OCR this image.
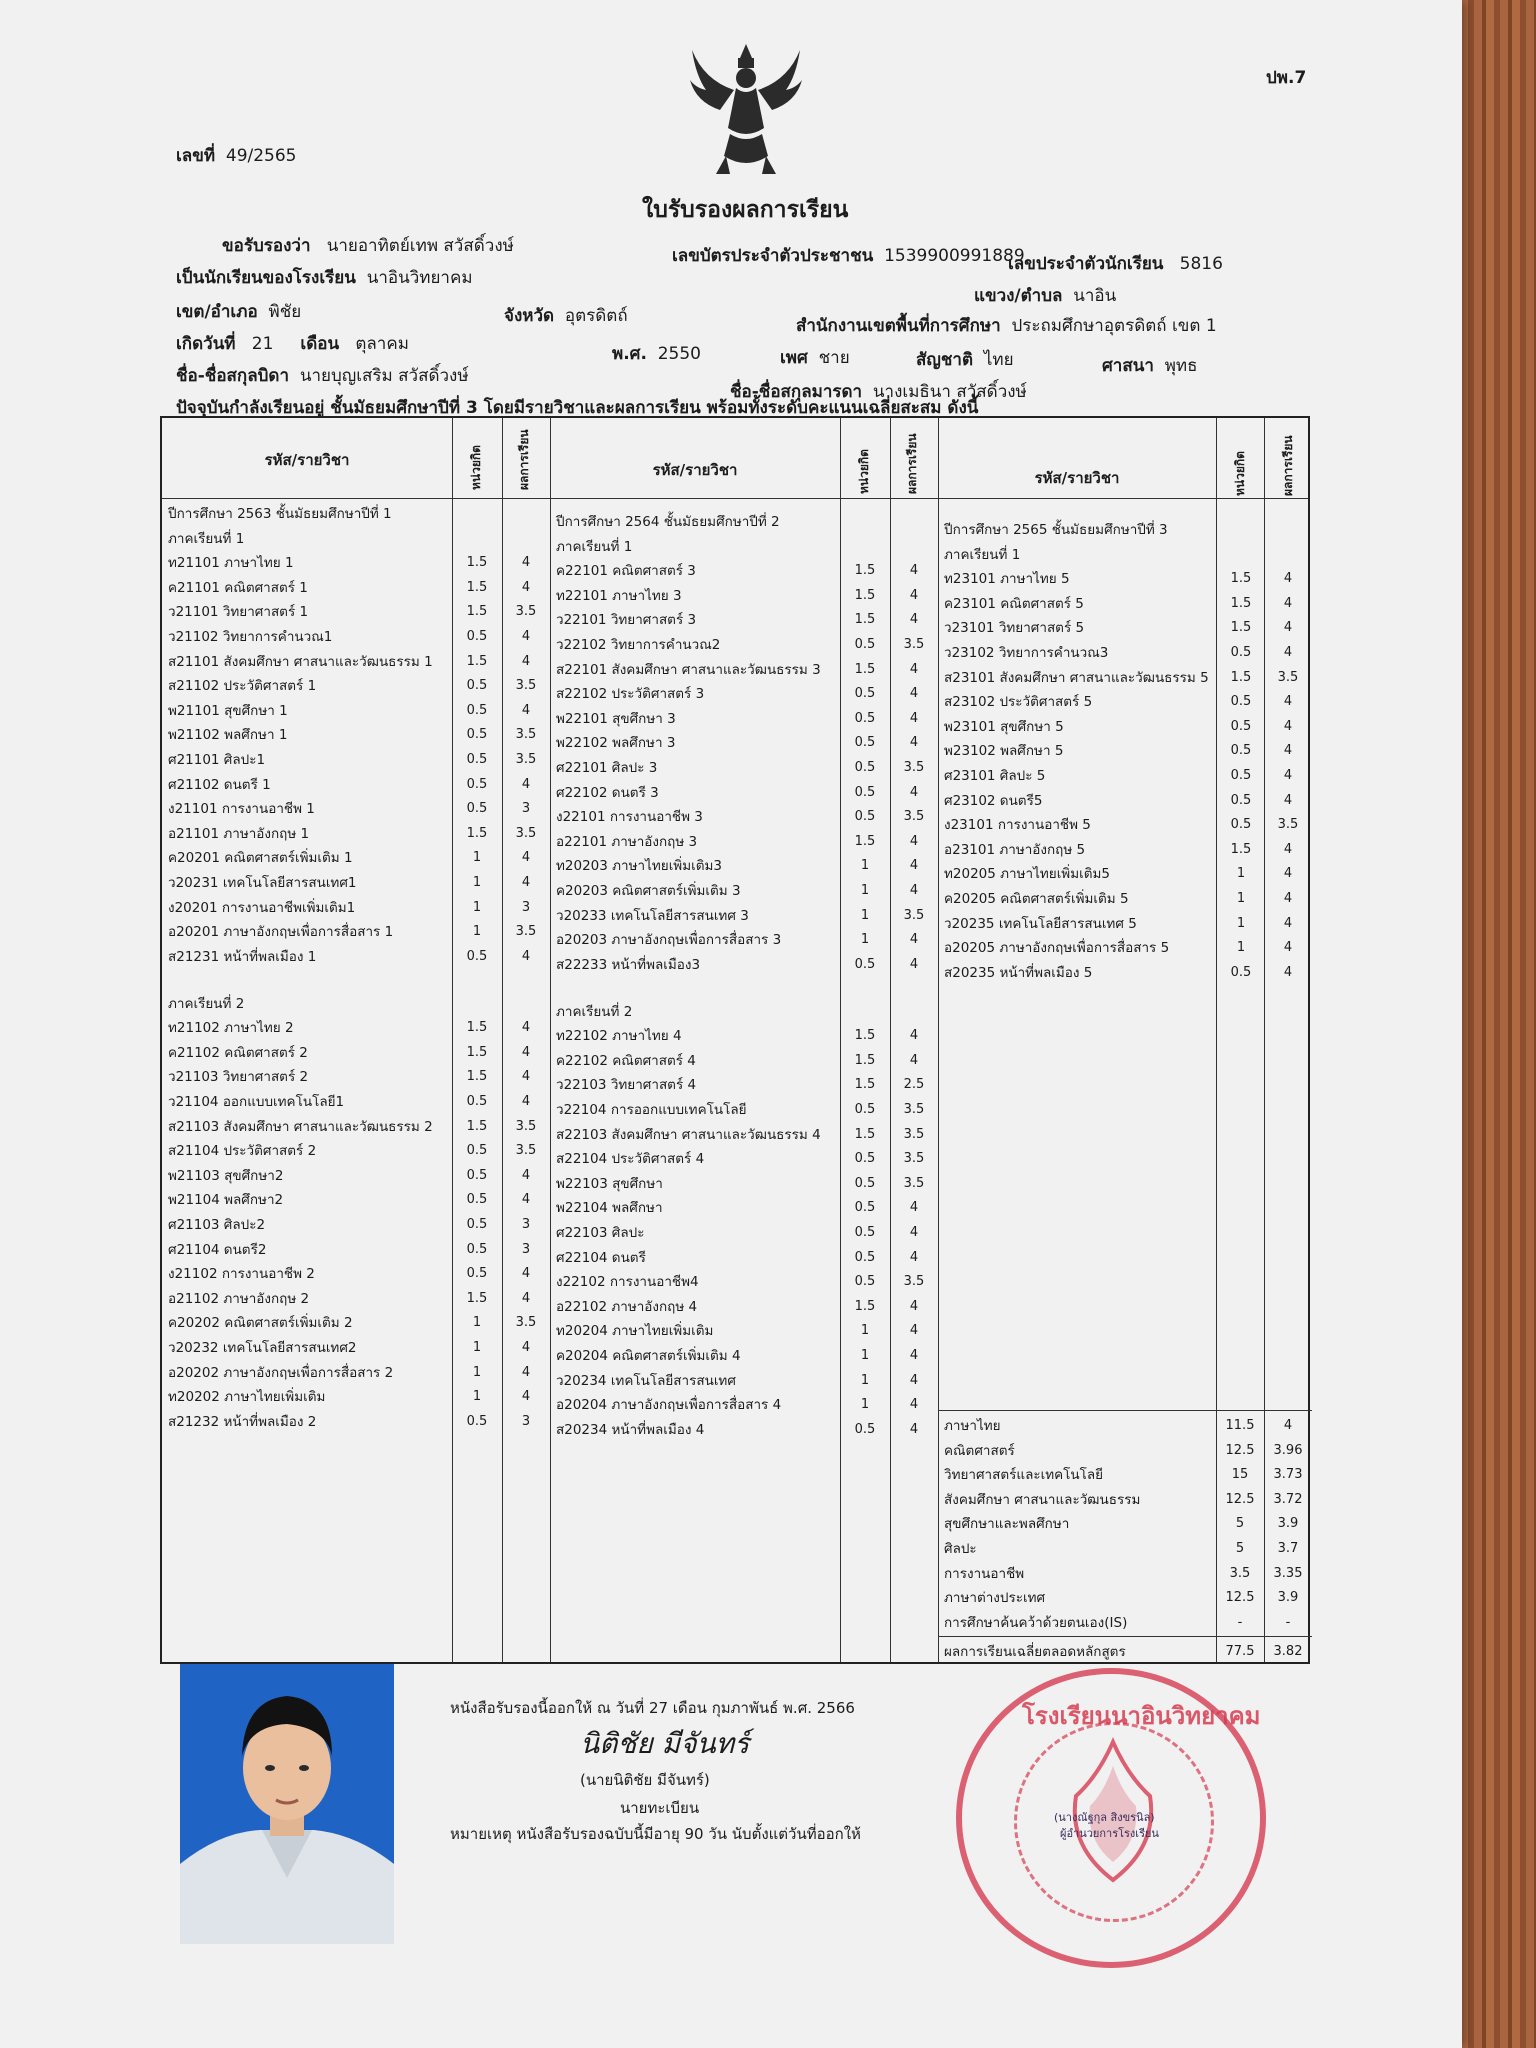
ปพ.7
เลขที่ 49/2565
ใบรับรองผลการเรียน
ขอรับรองว่า นายอาทิตย์เทพ สวัสดิ์วงษ์	เลขบัตรประจำตัวประชาชน 1539900991889
เลขประจำตัวนักเรียน 5816
เป็นนักเรียนของโรงเรียน นาอินวิทยาคม
แขวง/ตำบล นาอิน
เขต/อำเภอ พิชัย	จังหวัด อุตรดิตถ์	สำนักงานเขตพื้นที่การศึกษา ประถมศึกษาอุตรดิตถ์ เขต 1
เกิดวันที่ 21 เดือน ตุลาคม	พ.ศ. 2550	เพศ ชาย	สัญชาติ ไทย	ศาสนา พุทธ
ชื่อ-ชื่อสกุลบิดา นายบุญเสริม สวัสดิ์วงษ์
ชื่อ-ชื่อสกุลมารดา นางเมธินา สวัสดิ์วงษ์
ปัจจุบันกำลังเรียนอยู่ ชั้นมัธยมศึกษาปีที่ 3 โดยมีรายวิชาและผลการเรียน พร้อมทั้งระดับคะแนนเฉลี่ยสะสม ดังนี้
รหัส/รายวิชา	หน่วยกิต	ผลการเรียน	รหัส/รายวิชา	หน่วยกิต	ผลการเรียน	รหัส/รายวิชา	หน่วยกิต	ผลการเรียน
ปีการศึกษา 2563 ชั้นมัธยมศึกษาปีที่ 1
ภาคเรียนที่ 1
ท21101 ภาษาไทย 1	1.5	4
ค21101 คณิตศาสตร์ 1	1.5	4
ว21101 วิทยาศาสตร์ 1	1.5	3.5
ว21102 วิทยาการคำนวณ1	0.5	4
ส21101 สังคมศึกษา ศาสนาและวัฒนธรรม 1	1.5	4
ส21102 ประวัติศาสตร์ 1	0.5	3.5
พ21101 สุขศึกษา 1	0.5	4
พ21102 พลศึกษา 1	0.5	3.5
ศ21101 ศิลปะ1	0.5	3.5
ศ21102 ดนตรี 1	0.5	4
ง21101 การงานอาชีพ 1	0.5	3
อ21101 ภาษาอังกฤษ 1	1.5	3.5
ค20201 คณิตศาสตร์เพิ่มเติม 1	1	4
ว20231 เทคโนโลยีสารสนเทศ1	1	4
ง20201 การงานอาชีพเพิ่มเติม1	1	3
อ20201 ภาษาอังกฤษเพื่อการสื่อสาร 1	1	3.5
ส21231 หน้าที่พลเมือง 1	0.5	4
ภาคเรียนที่ 2
ท21102 ภาษาไทย 2	1.5	4
ค21102 คณิตศาสตร์ 2	1.5	4
ว21103 วิทยาศาสตร์ 2	1.5	4
ว21104 ออกแบบเทคโนโลยี1	0.5	4
ส21103 สังคมศึกษา ศาสนาและวัฒนธรรม 2	1.5	3.5
ส21104 ประวัติศาสตร์ 2	0.5	3.5
พ21103 สุขศึกษา2	0.5	4
พ21104 พลศึกษา2	0.5	4
ศ21103 ศิลปะ2	0.5	3
ศ21104 ดนตรี2	0.5	3
ง21102 การงานอาชีพ 2	0.5	4
อ21102 ภาษาอังกฤษ 2	1.5	4
ค20202 คณิตศาสตร์เพิ่มเติม 2	1	3.5
ว20232 เทคโนโลยีสารสนเทศ2	1	4
อ20202 ภาษาอังกฤษเพื่อการสื่อสาร 2	1	4
ท20202 ภาษาไทยเพิ่มเติม	1	4
ส21232 หน้าที่พลเมือง 2	0.5	3
ปีการศึกษา 2564 ชั้นมัธยมศึกษาปีที่ 2
ภาคเรียนที่ 1
ค22101 คณิตศาสตร์ 3	1.5	4
ท22101 ภาษาไทย 3	1.5	4
ว22101 วิทยาศาสตร์ 3	1.5	4
ว22102 วิทยาการคำนวณ2	0.5	3.5
ส22101 สังคมศึกษา ศาสนาและวัฒนธรรม 3	1.5	4
ส22102 ประวัติศาสตร์ 3	0.5	4
พ22101 สุขศึกษา 3	0.5	4
พ22102 พลศึกษา 3	0.5	4
ศ22101 ศิลปะ 3	0.5	3.5
ศ22102 ดนตรี 3	0.5	4
ง22101 การงานอาชีพ 3	0.5	3.5
อ22101 ภาษาอังกฤษ 3	1.5	4
ท20203 ภาษาไทยเพิ่มเติม3	1	4
ค20203 คณิตศาสตร์เพิ่มเติม 3	1	4
ว20233 เทคโนโลยีสารสนเทศ 3	1	3.5
อ20203 ภาษาอังกฤษเพื่อการสื่อสาร 3	1	4
ส22233 หน้าที่พลเมือง3	0.5	4
ภาคเรียนที่ 2
ท22102 ภาษาไทย 4	1.5	4
ค22102 คณิตศาสตร์ 4	1.5	4
ว22103 วิทยาศาสตร์ 4	1.5	2.5
ว22104 การออกแบบเทคโนโลยี	0.5	3.5
ส22103 สังคมศึกษา ศาสนาและวัฒนธรรม 4	1.5	3.5
ส22104 ประวัติศาสตร์ 4	0.5	3.5
พ22103 สุขศึกษา	0.5	3.5
พ22104 พลศึกษา	0.5	4
ศ22103 ศิลปะ	0.5	4
ศ22104 ดนตรี	0.5	4
ง22102 การงานอาชีพ4	0.5	3.5
อ22102 ภาษาอังกฤษ 4	1.5	4
ท20204 ภาษาไทยเพิ่มเติม	1	4
ค20204 คณิตศาสตร์เพิ่มเติม 4	1	4
ว20234 เทคโนโลยีสารสนเทศ	1	4
อ20204 ภาษาอังกฤษเพื่อการสื่อสาร 4	1	4
ส20234 หน้าที่พลเมือง 4	0.5	4
ปีการศึกษา 2565 ชั้นมัธยมศึกษาปีที่ 3
ภาคเรียนที่ 1
ท23101 ภาษาไทย 5	1.5	4
ค23101 คณิตศาสตร์ 5	1.5	4
ว23101 วิทยาศาสตร์ 5	1.5	4
ว23102 วิทยาการคำนวณ3	0.5	4
ส23101 สังคมศึกษา ศาสนาและวัฒนธรรม 5	1.5	3.5
ส23102 ประวัติศาสตร์ 5	0.5	4
พ23101 สุขศึกษา 5	0.5	4
พ23102 พลศึกษา 5	0.5	4
ศ23101 ศิลปะ 5	0.5	4
ศ23102 ดนตรี5	0.5	4
ง23101 การงานอาชีพ 5	0.5	3.5
อ23101 ภาษาอังกฤษ 5	1.5	4
ท20205 ภาษาไทยเพิ่มเติม5	1	4
ค20205 คณิตศาสตร์เพิ่มเติม 5	1	4
ว20235 เทคโนโลยีสารสนเทศ 5	1	4
อ20205 ภาษาอังกฤษเพื่อการสื่อสาร 5	1	4
ส20235 หน้าที่พลเมือง 5	0.5	4
ภาษาไทย	11.5	4
คณิตศาสตร์	12.5	3.96
วิทยาศาสตร์และเทคโนโลยี	15	3.73
สังคมศึกษา ศาสนาและวัฒนธรรม	12.5	3.72
สุขศึกษาและพลศึกษา	5	3.9
ศิลปะ	5	3.7
การงานอาชีพ	3.5	3.35
ภาษาต่างประเทศ	12.5	3.9
การศึกษาค้นคว้าด้วยตนเอง(IS)	-	-
ผลการเรียนเฉลี่ยตลอดหลักสูตร	77.5	3.82
หนังสือรับรองนี้ออกให้ ณ วันที่ 27 เดือน กุมภาพันธ์ พ.ศ. 2566
นิติชัย มีจันทร์
(นายนิติชัย มีจันทร์)
นายทะเบียน
หมายเหตุ หนังสือรับรองฉบับนี้มีอายุ 90 วัน นับตั้งแต่วันที่ออกให้
โรงเรียนนาอินวิทยาคม
(นางณัฐกุล สิงขรนิล)
ผู้อำนวยการโรงเรียน
